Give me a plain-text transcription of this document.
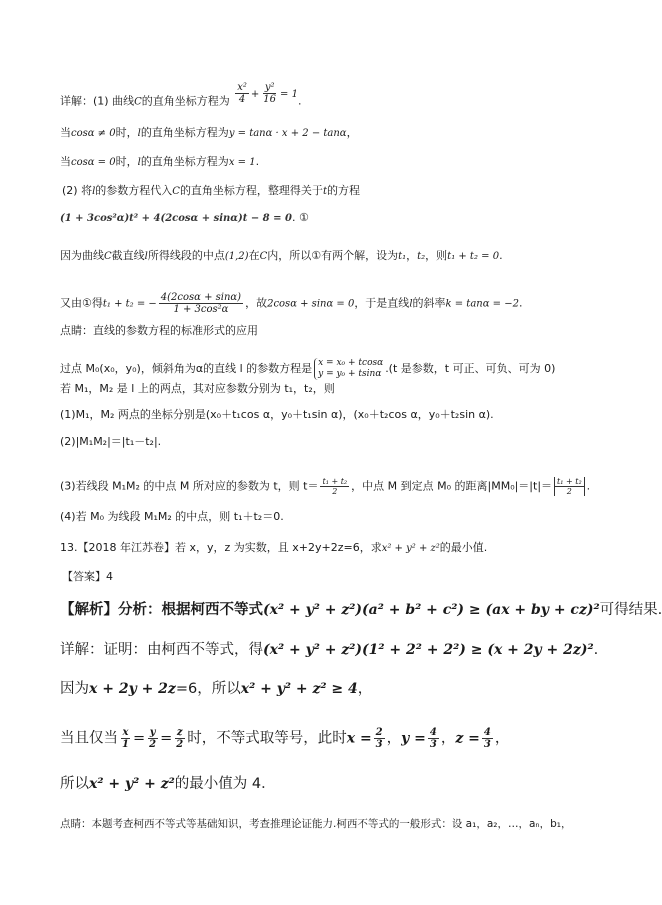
详解：(1) 曲线C的直角坐标方程为 $\frac{\text{x²}}{4} + \frac{\text{y²}}{16} = 1$.
当cosα ≠ 0时，l的直角坐标方程为y = tanα · x + 2 − tanα，
当cosα = 0时，l的直角坐标方程为x = 1.
(2) 将l的参数方程代入C的直角坐标方程，整理得关于t的方程
(1 + 3cos²α)t² + 4(2cosα + sinα)t − 8 = 0. ①
因为曲线C截直线l所得线段的中点(1,2)在C内，所以①有两个解，设为t₁，t₂，则t₁ + t₂ = 0.
又由①得t₁ + t₂ = − $\frac{4(2\cos\alpha + \sin\alpha)}{\text{1 + 3cos²α}}$ ，故2cosα + sinα = 0，于是直线l的斜率k = tanα = −2.
点睛：直线的参数方程的标准形式的应用
过点 M₀(x₀，y₀)，倾斜角为α的直线 l 的参数方程是 x = x₀ + tcosα
y = y₀ + tsinα .(t 是参数，t 可正、可负、可为 0)
若 M₁，M₂ 是 l 上的两点，其对应参数分别为 t₁，t₂，则
(1)M₁，M₂ 两点的坐标分别是(x₀＋t₁cos α，y₀＋t₁sin α)，(x₀＋t₂cos α，y₀＋t₂sin α).
(2)|M₁M₂|＝|t₁－t₂|.
(3)若线段 M₁M₂ 的中点 M 所对应的参数为 t，则 $t= \frac{\text{t₁ + t₂}}{2}$ ，中点 M 到定点 M₀ 的距离$|MM_0|=|t|= \frac{\text{t₁ + t₂}}{2}$ .
(4)若 M₀ 为线段 M₁M₂ 的中点，则 t₁＋t₂＝0.
13.【2018 年江苏卷】若 x，y，z 为实数，且 x+2y+2z=6，求x² + y² + z²的最小值.
【答案】4
【解析】分析：根据柯西不等式(x² + y² + z²)(a² + b² + c²) ≥ (ax + by + cz)²可得结果.
详解：证明：由柯西不等式，得(x² + y² + z²)(1² + 2² + 2²) ≥ (x + 2y + 2z)².
因为x + 2y + 2z=6，所以x² + y² + z² ≥ 4，
当且仅当 $\frac{x}{1} = \frac{y}{2} = \frac{z}{2}$ 时，不等式取等号，此时$x = \frac{2}{3}$ ，$y = \frac{4}{3}$ ，$z = \frac{4}{3}$ ，
所以x² + y² + z²的最小值为 4．
点睛：本题考查柯西不等式等基础知识，考查推理论证能力.柯西不等式的一般形式：设 a₁，a₂，…，aₙ，b₁，
